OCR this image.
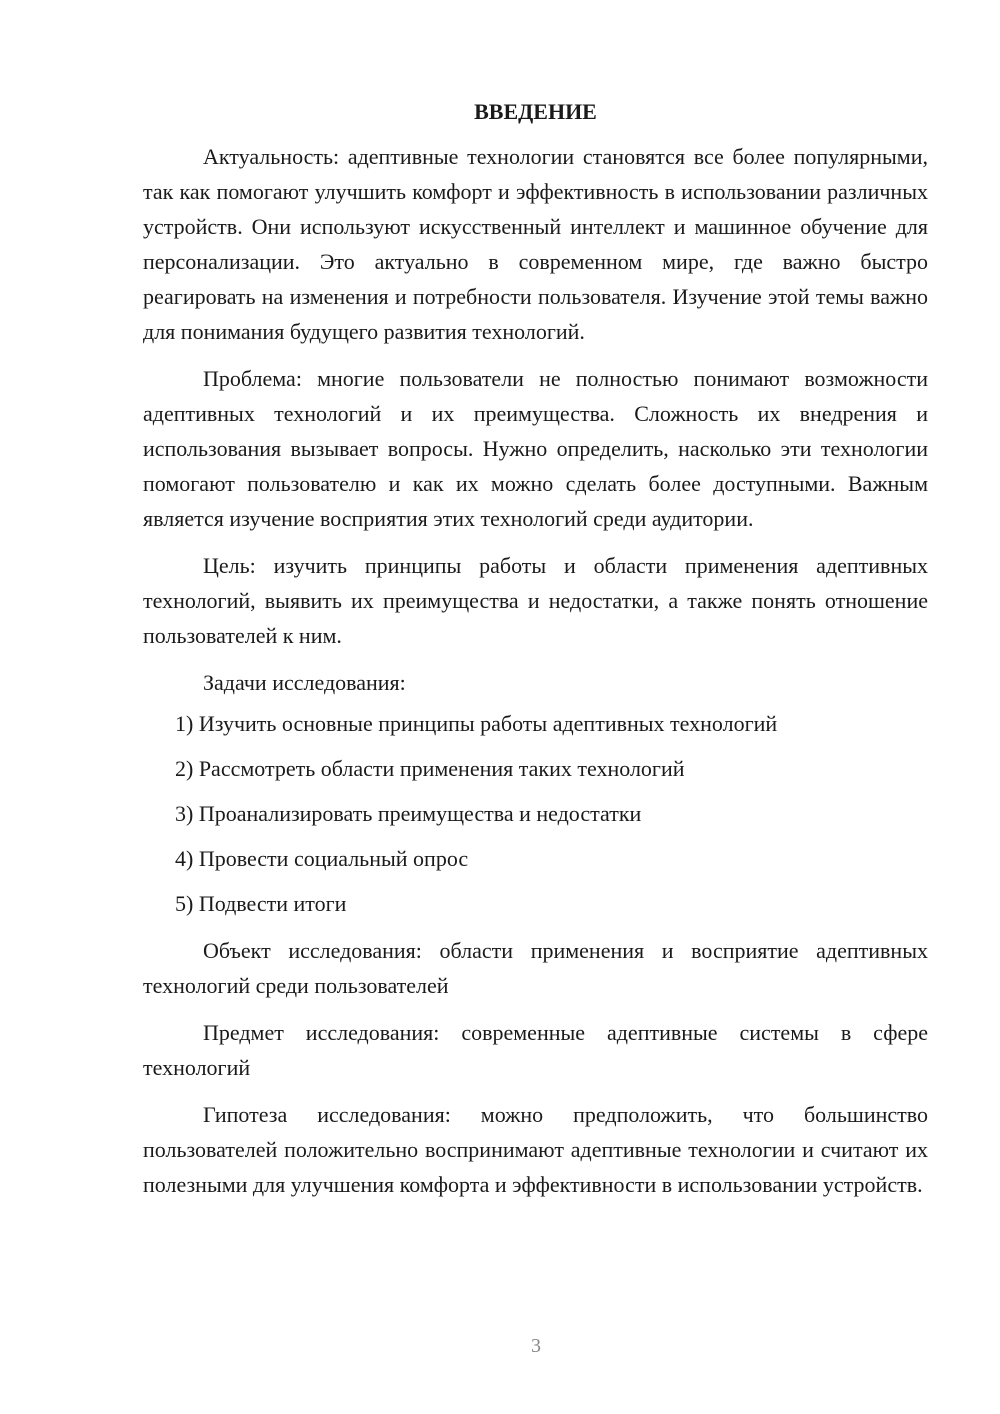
ВВЕДЕНИЕ

Актуальность: адептивные технологии становятся все более популярными, так как помогают улучшить комфорт и эффективность в использовании различных устройств. Они используют искусственный интеллект и машинное обучение для персонализации. Это актуально в современном мире, где важно быстро реагировать на изменения и потребности пользователя. Изучение этой темы важно для понимания будущего развития технологий.

Проблема: многие пользователи не полностью понимают возможности адептивных технологий и их преимущества. Сложность их внедрения и использования вызывает вопросы. Нужно определить, насколько эти технологии помогают пользователю и как их можно сделать более доступными. Важным является изучение восприятия этих технологий среди аудитории.

Цель: изучить принципы работы и области применения адептивных технологий, выявить их преимущества и недостатки, а также понять отношение пользователей к ним.

Задачи исследования:

1) Изучить основные принципы работы адептивных технологий
2) Рассмотреть области применения таких технологий
3) Проанализировать преимущества и недостатки
4) Провести социальный опрос
5) Подвести итоги

Объект исследования: области применения и восприятие адептивных технологий среди пользователей

Предмет исследования: современные адептивные системы в сфере технологий

Гипотеза исследования: можно предположить, что большинство пользователей положительно воспринимают адептивные технологии и считают их полезными для улучшения комфорта и эффективности в использовании устройств.

3
